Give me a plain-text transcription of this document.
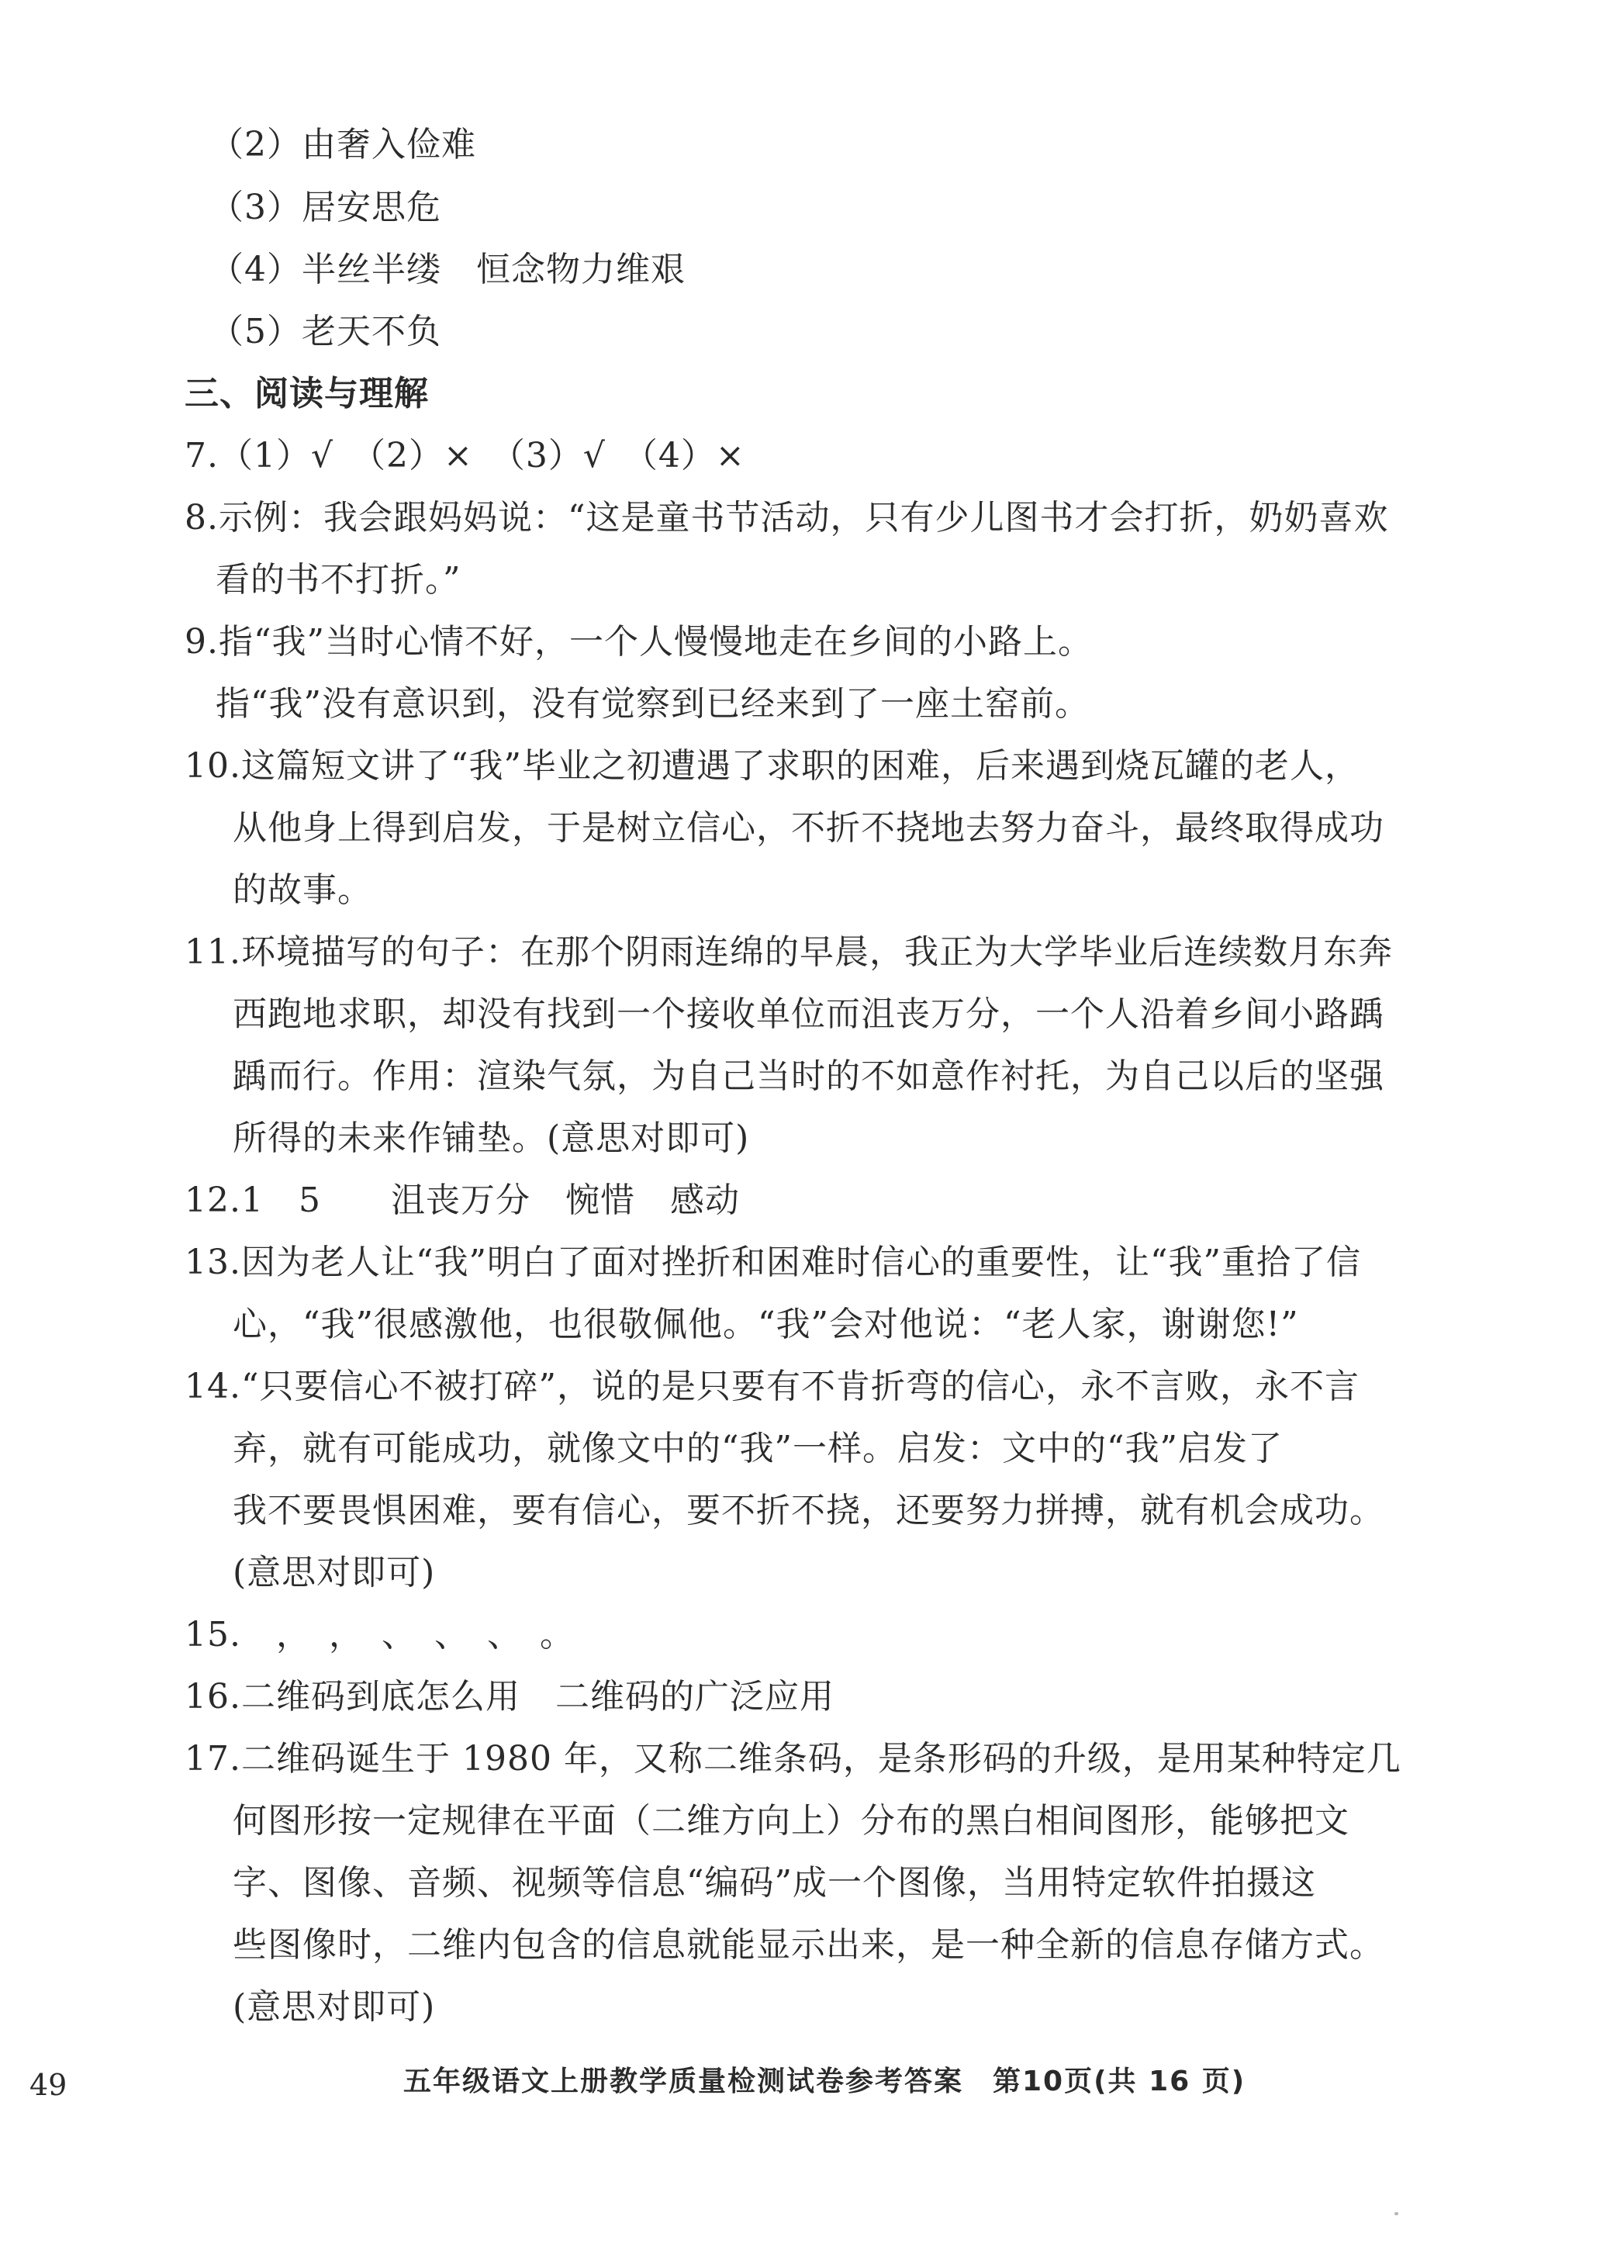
（2）由奢入俭难
（3）居安思危
（4）半丝半缕　恒念物力维艰
（5）老天不负
三、阅读与理解
7.（1）√　（2）×　（3）√　（4）×
8.示例：我会跟妈妈说：“这是童书节活动，只有少儿图书才会打折，奶奶喜欢
看的书不打折。”
9.指“我”当时心情不好，一个人慢慢地走在乡间的小路上。
指“我”没有意识到，没有觉察到已经来到了一座土窑前。
10.这篇短文讲了“我”毕业之初遭遇了求职的困难，后来遇到烧瓦罐的老人，
从他身上得到启发，于是树立信心，不折不挠地去努力奋斗，最终取得成功
的故事。
11.环境描写的句子：在那个阴雨连绵的早晨，我正为大学毕业后连续数月东奔
西跑地求职，却没有找到一个接收单位而沮丧万分，一个人沿着乡间小路踽
踽而行。作用：渲染气氛，为自己当时的不如意作衬托，为自己以后的坚强
所得的未来作铺垫。(意思对即可)
12.1　5　　沮丧万分　惋惜　感动
13.因为老人让“我”明白了面对挫折和困难时信心的重要性，让“我”重拾了信
心，“我”很感激他，也很敬佩他。“我”会对他说：“老人家，谢谢您!”
14.“只要信心不被打碎”，说的是只要有不肯折弯的信心，永不言败，永不言
弃，就有可能成功，就像文中的“我”一样。启发：文中的“我”启发了
我不要畏惧困难，要有信心，要不折不挠，还要努力拼搏，就有机会成功。
(意思对即可)
15.　，　，　、　、　、　。
16.二维码到底怎么用　二维码的广泛应用
17.二维码诞生于 1980 年，又称二维条码，是条形码的升级，是用某种特定几
何图形按一定规律在平面（二维方向上）分布的黑白相间图形，能够把文
字、图像、音频、视频等信息“编码”成一个图像，当用特定软件拍摄这
些图像时，二维内包含的信息就能显示出来，是一种全新的信息存储方式。
(意思对即可)
49	五年级语文上册教学质量检测试卷参考答案　第10页(共 16 页)
